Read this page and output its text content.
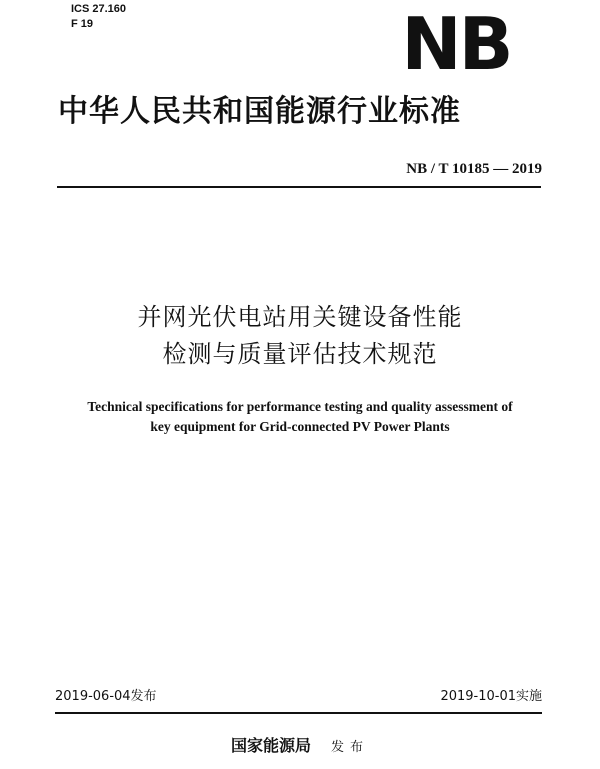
ICS 27.160
F 19	NB
中华人民共和国能源行业标准
NB / T 10185 — 2019
并网光伏电站用关键设备性能
检测与质量评估技术规范
Technical specifications for performance testing and quality assessment of
key equipment for Grid-connected PV Power Plants
2019-06-04发布	2019-10-01实施
国家能源局 发布
